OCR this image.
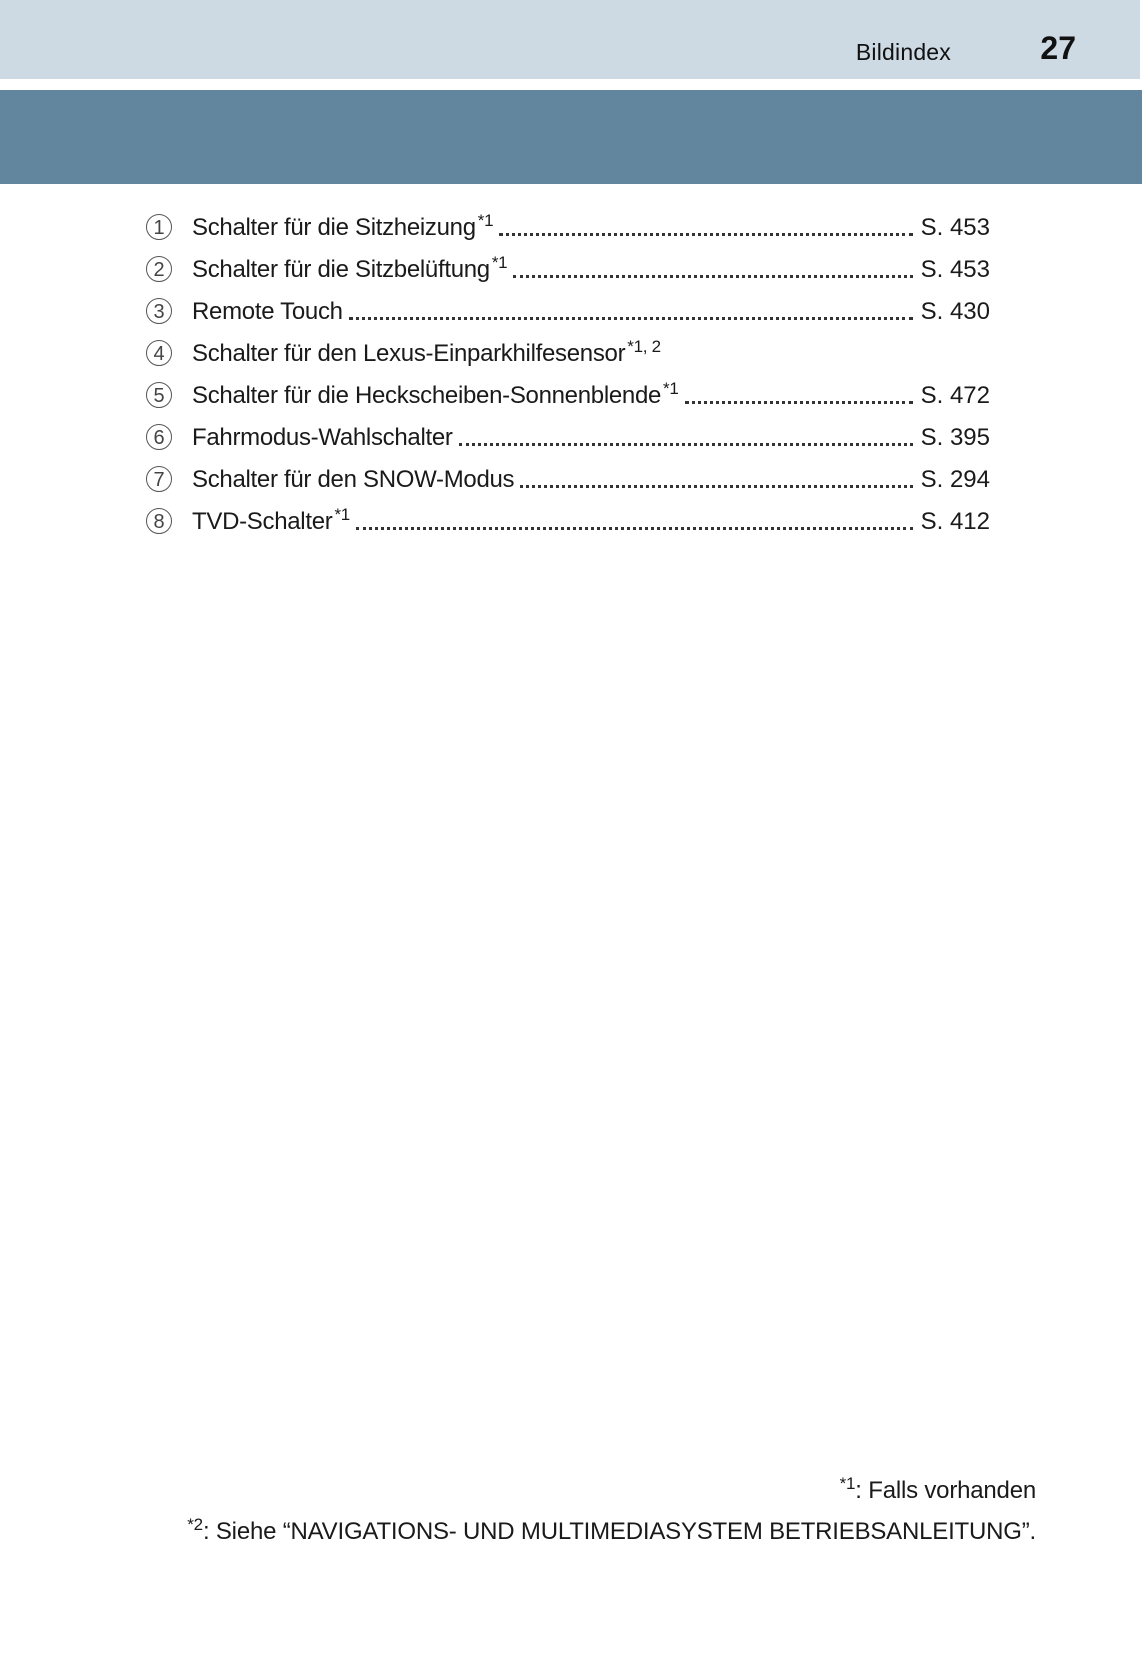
Bildindex	27
1	Schalter für die Sitzheizung $^{*1}$	S. 453
2	Schalter für die Sitzbelüftung $^{*1}$	S. 453
3	Remote Touch	S. 430
4	Schalter für den Lexus-Einparkhilfesensor $^{*1, 2}$
5	Schalter für die Heckscheiben-Sonnenblende $^{*1}$	S. 472
6	Fahrmodus-Wahlschalter	S. 395
7	Schalter für den SNOW-Modus	S. 294
8	TVD-Schalter $^{*1}$	S. 412
$^{*1}$: Falls vorhanden
$^{*2}$: Siehe “NAVIGATIONS- UND MULTIMEDIASYSTEM BETRIEBSANLEITUNG”.
